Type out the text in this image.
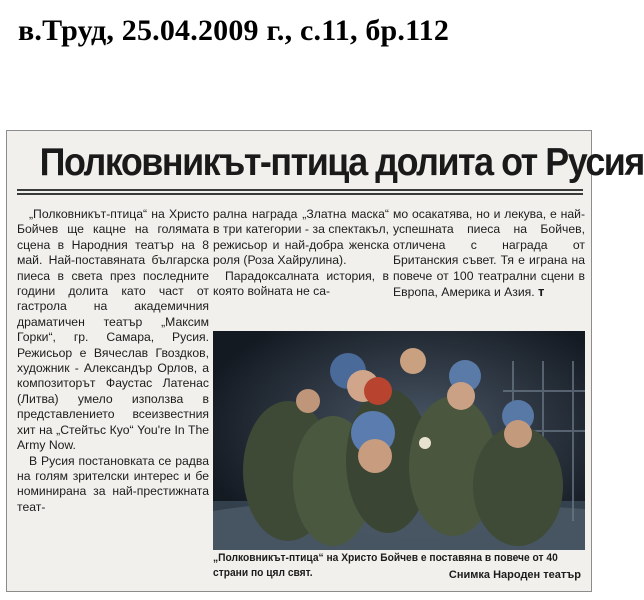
в.Труд, 25.04.2009 г., с.11, бр.112
Полковникът-птица долита от Русия

„Полковникът-птица“ на Христо Бойчев ще кацне на голямата сцена в Народния театър на 8 май. Най-поставяната българска пиеса в света през последните години долита като част от гастрола на академичния драматичен театър „Максим Горки“, гр. Самара, Русия. Режисьор е Вячеслав Гвоздков, художник - Александър Орлов, а композиторът Фаустас Латенас (Литва) умело използва в представлението всеизвестния хит на „Стейтьс Куо“ You're In The Army Now.

В Русия постановката се радва на голям зрителски интерес и бе номинирана за най-престижната теат-

рална награда „Златна маска“ в три категории - за спектакъл, режисьор и най-добра женска роля (Роза Хайрулина).

Парадоксалната история, в която войната не са-

мо осакатява, но и лекува, е най-успешната пиеса на Бойчев, отличена с награда от Британския съвет. Тя е играна на повече от 100 театрални сцени в Европа, Америка и Азия. т

„Полковникът-птица“ на Христо Бойчев е поставяна в повече от 40 страни по цял свят.	Снимка Народен театър
